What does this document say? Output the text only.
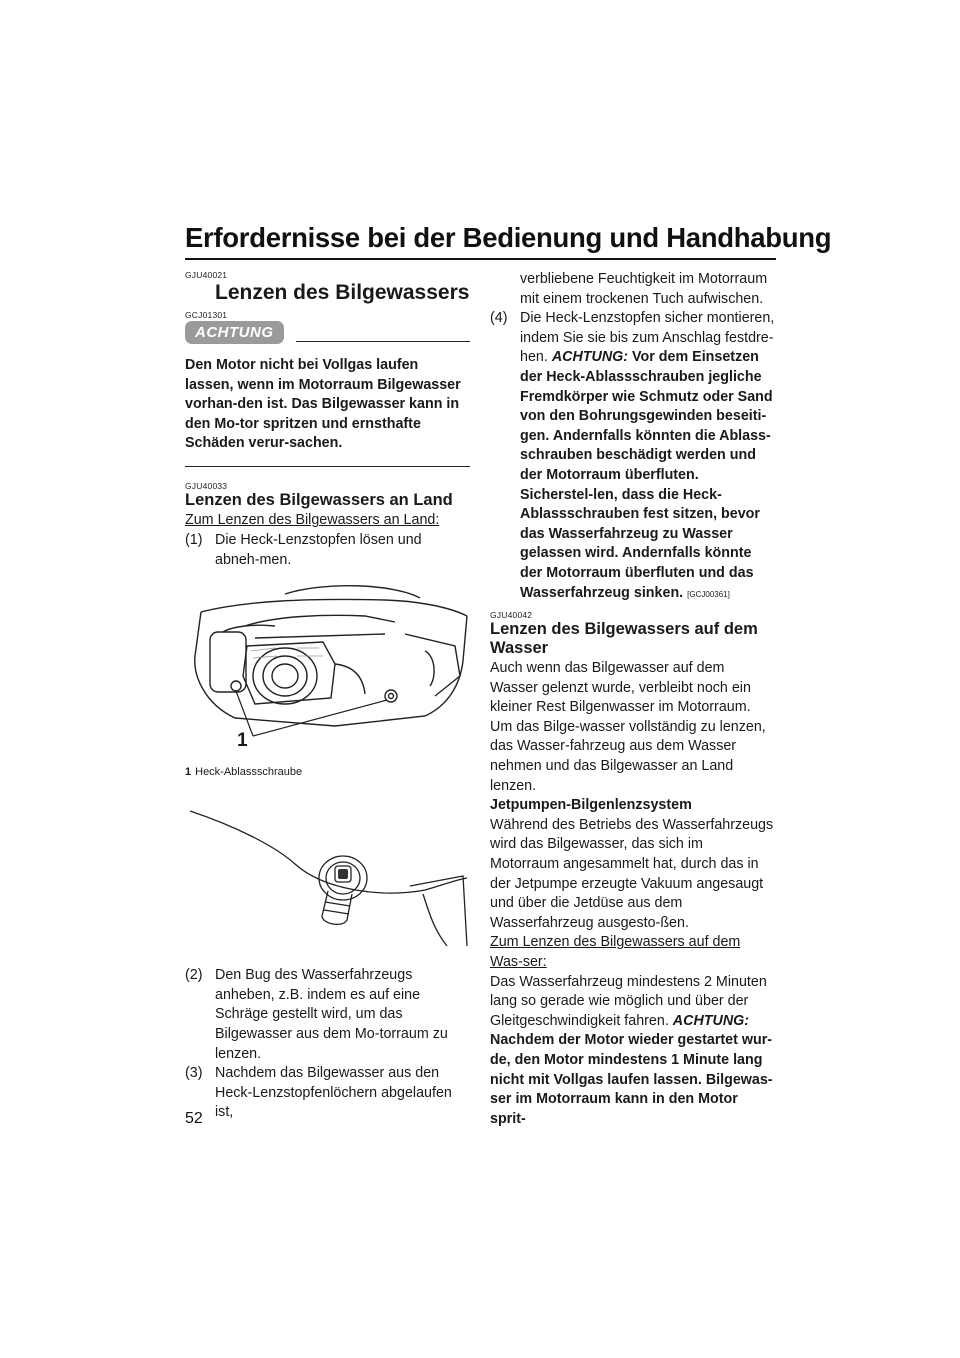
Erfordernisse bei der Bedienung und Handhabung
GJU40021
Lenzen des Bilgewassers
GCJ01301
ACHTUNG
Den Motor nicht bei Vollgas laufen lassen, wenn im Motorraum Bilgewasser vorhan-den ist. Das Bilgewasser kann in den Mo-tor spritzen und ernsthafte Schäden verur-sachen.
GJU40033
Lenzen des Bilgewassers an Land
Zum Lenzen des Bilgewassers an Land:
(1) Die Heck-Lenzstopfen lösen und abneh-men.
1
1 Heck-Ablassschraube
(2) Den Bug des Wasserfahrzeugs anheben, z.B. indem es auf eine Schräge gestellt wird, um das Bilgewasser aus dem Mo-torraum zu lenzen.
(3) Nachdem das Bilgewasser aus den Heck-Lenzstopfenlöchern abgelaufen ist,
verbliebene Feuchtigkeit im Motorraum mit einem trockenen Tuch aufwischen.
(4) Die Heck-Lenzstopfen sicher montieren, indem Sie sie bis zum Anschlag festdre-hen. ACHTUNG: Vor dem Einsetzen der Heck-Ablassschrauben jegliche Fremdkörper wie Schmutz oder Sand von den Bohrungsgewinden beseiti-gen. Andernfalls könnten die Ablass-schrauben beschädigt werden und der Motorraum überfluten. Sicherstel-len, dass die Heck-Ablassschrauben fest sitzen, bevor das Wasserfahrzeug zu Wasser gelassen wird. Andernfalls könnte der Motorraum überfluten und das Wasserfahrzeug sinken. [GCJ00361]
GJU40042
Lenzen des Bilgewassers auf dem Wasser
Auch wenn das Bilgewasser auf dem Wasser gelenzt wurde, verbleibt noch ein kleiner Rest Bilgenwasser im Motorraum. Um das Bilge-wasser vollständig zu lenzen, das Wasser-fahrzeug aus dem Wasser nehmen und das Bilgewasser an Land lenzen.
Jetpumpen-Bilgenlenzsystem
Während des Betriebs des Wasserfahrzeugs wird das Bilgewasser, das sich im Motorraum angesammelt hat, durch das in der Jetpumpe erzeugte Vakuum angesaugt und über die Jetdüse aus dem Wasserfahrzeug ausgesto-ßen.
Zum Lenzen des Bilgewassers auf dem Was-ser:
Das Wasserfahrzeug mindestens 2 Minuten lang so gerade wie möglich und über der Gleitgeschwindigkeit fahren. ACHTUNG: Nachdem der Motor wieder gestartet wur-de, den Motor mindestens 1 Minute lang nicht mit Vollgas laufen lassen. Bilgewas-ser im Motorraum kann in den Motor sprit-
52
